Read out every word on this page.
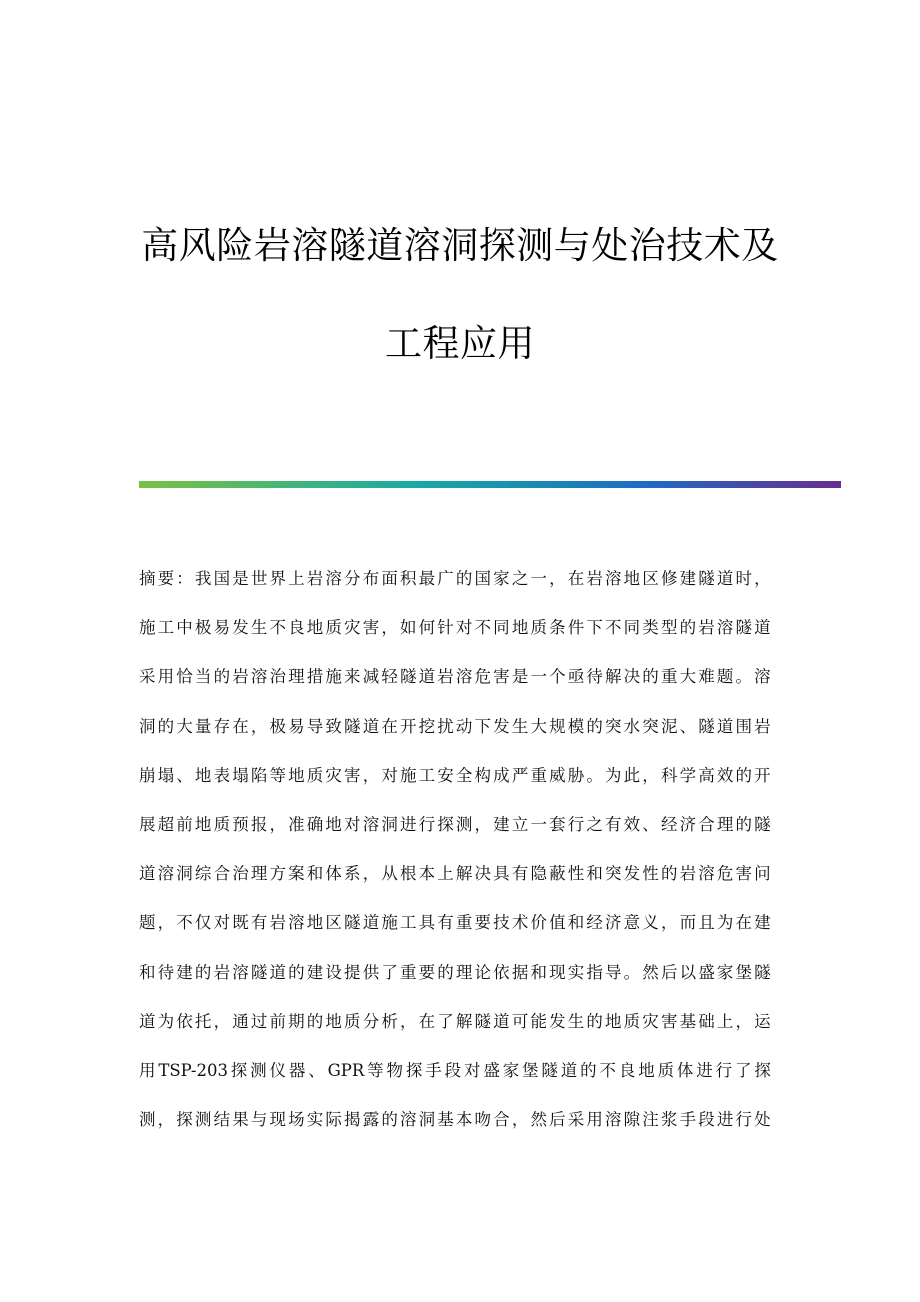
高风险岩溶隧道溶洞探测与处治技术及
工程应用
摘 要 ： 我 国 是 世 界 上 岩 溶 分 布 面 积 最 广 的 国 家 之 一 ， 在 岩 溶 地 区 修 建 隧 道 时 ，
施 工 中 极 易 发 生 不 良 地 质 灾 害 ， 如 何 针 对 不 同 地 质 条 件 下 不 同 类 型 的 岩 溶 隧 道
采 用 恰 当 的 岩 溶 治 理 措 施 来 减 轻 隧 道 岩 溶 危 害 是 一 个 亟 待 解 决 的 重 大 难 题 。 溶
洞 的 大 量 存 在 ， 极 易 导 致 隧 道 在 开 挖 扰 动 下 发 生 大 规 模 的 突 水 突 泥 、 隧 道 围 岩
崩 塌 、 地 表 塌 陷 等 地 质 灾 害 ， 对 施 工 安 全 构 成 严 重 威 胁 。 为 此 ， 科 学 高 效 的 开
展 超 前 地 质 预 报 ， 准 确 地 对 溶 洞 进 行 探 测 ， 建 立 一 套 行 之 有 效 、 经 济 合 理 的 隧
道 溶 洞 综 合 治 理 方 案 和 体 系 ， 从 根 本 上 解 决 具 有 隐 蔽 性 和 突 发 性 的 岩 溶 危 害 问
题 ， 不 仅 对 既 有 岩 溶 地 区 隧 道 施 工 具 有 重 要 技 术 价 值 和 经 济 意 义 ， 而 且 为 在 建
和 待 建 的 岩 溶 隧 道 的 建 设 提 供 了 重 要 的 理 论 依 据 和 现 实 指 导 。 然 后 以 盛 家 堡 隧
道 为 依 托 ， 通 过 前 期 的 地 质 分 析 ， 在 了 解 隧 道 可 能 发 生 的 地 质 灾 害 基 础 上 ， 运
用 TSP-203 探 测 仪 器 、 GPR 等 物 探 手 段 对 盛 家 堡 隧 道 的 不 良 地 质 体 进 行 了 探
测 ， 探 测 结 果 与 现 场 实 际 揭 露 的 溶 洞 基 本 吻 合 ， 然 后 采 用 溶 隙 注 浆 手 段 进 行 处
